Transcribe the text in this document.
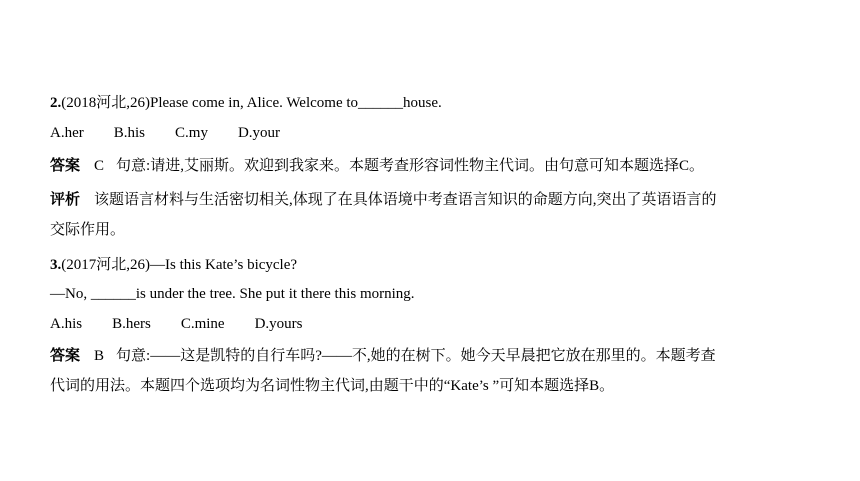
2.(2018河北,26)Please come in, Alice. Welcome to______house.
A.her B.his C.my D.your
答案 C 句意:请进,艾丽斯。欢迎到我家来。本题考查形容词性物主代词。由句意可知本题选择C。
评析 该题语言材料与生活密切相关,体现了在具体语境中考查语言知识的命题方向,突出了英语语言的
交际作用。
3.(2017河北,26)—Is this Kate’s bicycle?
—No, ______is under the tree. She put it there this morning.
A.his B.hers C.mine D.yours
答案 B 句意:——这是凯特的自行车吗?——不,她的在树下。她今天早晨把它放在那里的。本题考查
代词的用法。本题四个选项均为名词性物主代词,由题干中的“Kate’s ”可知本题选择B。
